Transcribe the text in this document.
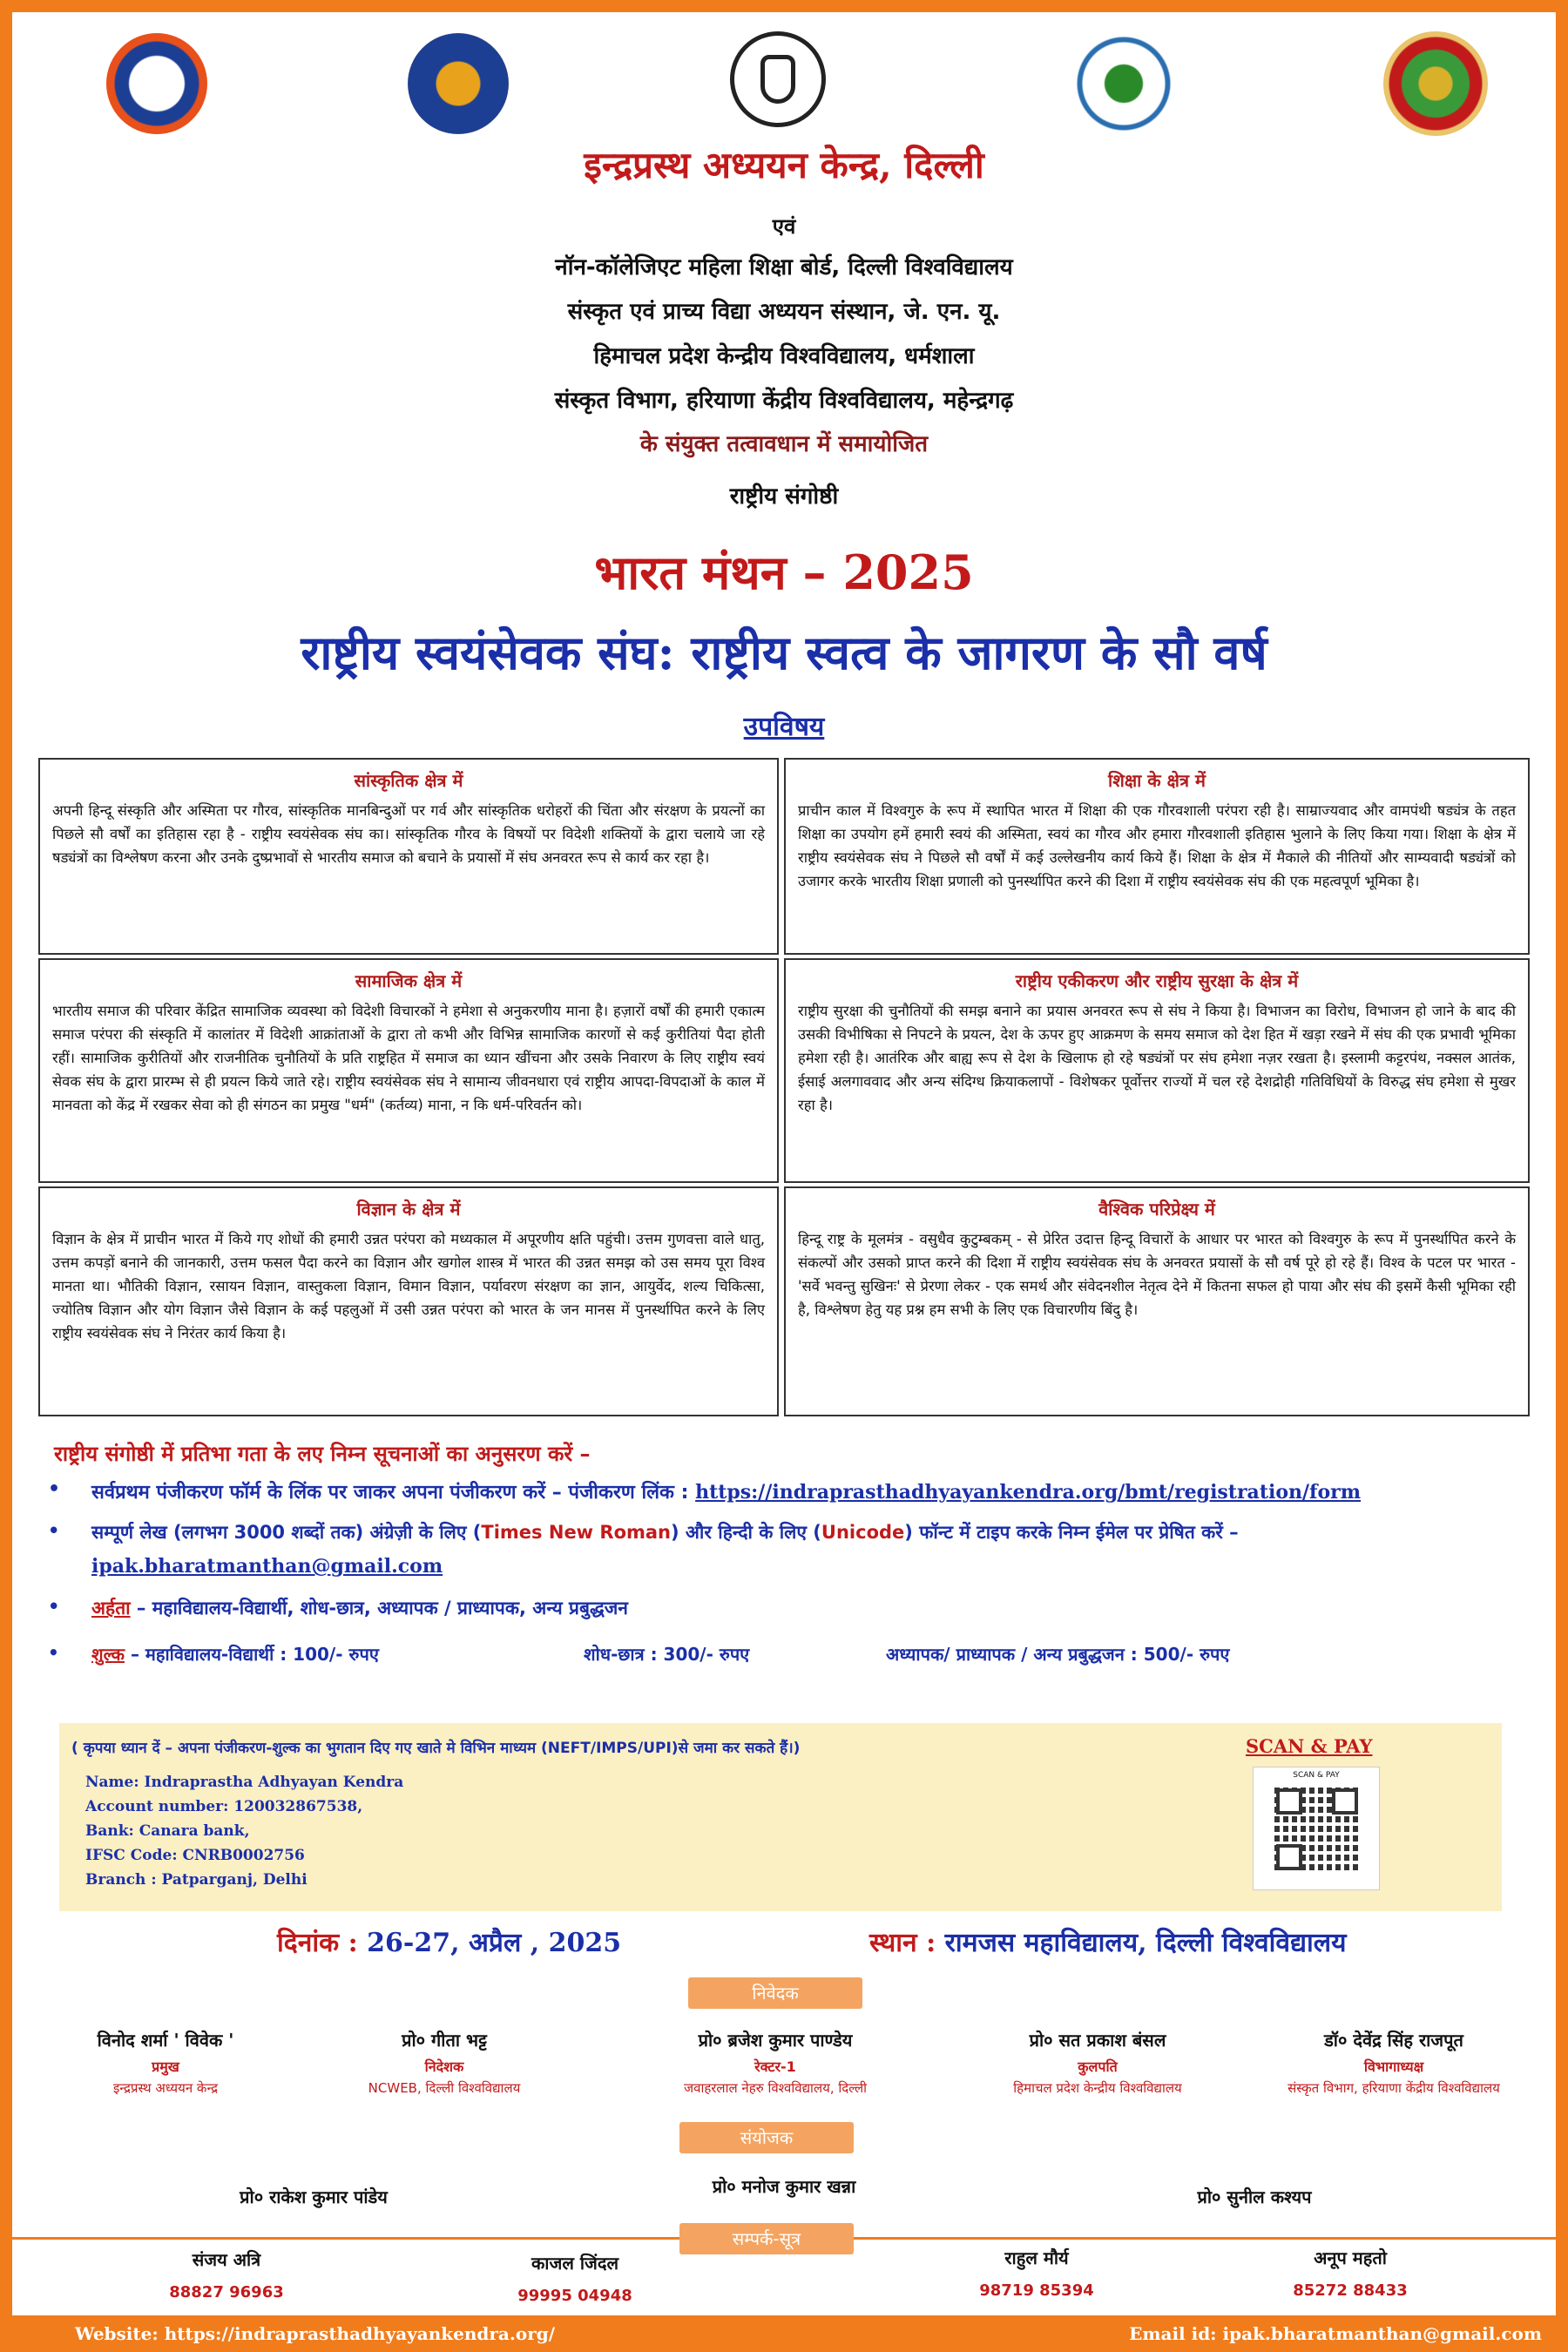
इन्द्रप्रस्थ अध्ययन केन्द्र, दिल्ली
एवं
नॉन-कॉलेजिएट महिला शिक्षा बोर्ड, दिल्ली विश्वविद्यालय
संस्कृत एवं प्राच्य विद्या अध्ययन संस्थान, जे. एन. यू.
हिमाचल प्रदेश केन्द्रीय विश्वविद्यालय, धर्मशाला
संस्कृत विभाग, हरियाणा केंद्रीय विश्वविद्यालय, महेन्द्रगढ़
के संयुक्त तत्वावधान में समायोजित
राष्ट्रीय संगोष्ठी
भारत मंथन – 2025
राष्ट्रीय स्वयंसेवक संघ: राष्ट्रीय स्वत्व के जागरण के सौ वर्ष
उपविषय
सांस्कृतिक क्षेत्र में

अपनी हिन्दू संस्कृति और अस्मिता पर गौरव, सांस्कृतिक मानबिन्दुओं पर गर्व और सांस्कृतिक धरोहरों की चिंता और संरक्षण के प्रयत्नों का पिछले सौ वर्षों का इतिहास रहा है - राष्ट्रीय स्वयंसेवक संघ का। सांस्कृतिक गौरव के विषयों पर विदेशी शक्तियों के द्वारा चलाये जा रहे षड्यंत्रों का विश्लेषण करना और उनके दुष्प्रभावों से भारतीय समाज को बचाने के प्रयासों में संघ अनवरत रूप से कार्य कर रहा है।

शिक्षा के क्षेत्र में

प्राचीन काल में विश्वगुरु के रूप में स्थापित भारत में शिक्षा की एक गौरवशाली परंपरा रही है। साम्राज्यवाद और वामपंथी षड्यंत्र के तहत शिक्षा का उपयोग हमें हमारी स्वयं की अस्मिता, स्वयं का गौरव और हमारा गौरवशाली इतिहास भुलाने के लिए किया गया। शिक्षा के क्षेत्र में राष्ट्रीय स्वयंसेवक संघ ने पिछले सौ वर्षों में कई उल्लेखनीय कार्य किये हैं। शिक्षा के क्षेत्र में मैकाले की नीतियों और साम्यवादी षड्यंत्रों को उजागर करके भारतीय शिक्षा प्रणाली को पुनर्स्थापित करने की दिशा में राष्ट्रीय स्वयंसेवक संघ की एक महत्वपूर्ण भूमिका है।

सामाजिक क्षेत्र में

भारतीय समाज की परिवार केंद्रित सामाजिक व्यवस्था को विदेशी विचारकों ने हमेशा से अनुकरणीय माना है। हज़ारों वर्षों की हमारी एकात्म समाज परंपरा की संस्कृति में कालांतर में विदेशी आक्रांताओं के द्वारा तो कभी और विभिन्न सामाजिक कारणों से कई कुरीतियां पैदा होती रहीं। सामाजिक कुरीतियों और राजनीतिक चुनौतियों के प्रति राष्ट्रहित में समाज का ध्यान खींचना और उसके निवारण के लिए राष्ट्रीय स्वयं सेवक संघ के द्वारा प्रारम्भ से ही प्रयत्न किये जाते रहे। राष्ट्रीय स्वयंसेवक संघ ने सामान्य जीवनधारा एवं राष्ट्रीय आपदा-विपदाओं के काल में मानवता को केंद्र में रखकर सेवा को ही संगठन का प्रमुख "धर्म" (कर्तव्य) माना, न कि धर्म-परिवर्तन को।

राष्ट्रीय एकीकरण और राष्ट्रीय सुरक्षा के क्षेत्र में

राष्ट्रीय सुरक्षा की चुनौतियों की समझ बनाने का प्रयास अनवरत रूप से संघ ने किया है। विभाजन का विरोध, विभाजन हो जाने के बाद की उसकी विभीषिका से निपटने के प्रयत्न, देश के ऊपर हुए आक्रमण के समय समाज को देश हित में खड़ा रखने में संघ की एक प्रभावी भूमिका हमेशा रही है। आतंरिक और बाह्य रूप से देश के खिलाफ हो रहे षड्यंत्रों पर संघ हमेशा नज़र रखता है। इस्लामी कट्टरपंथ, नक्सल आतंक, ईसाई अलगाववाद और अन्य संदिग्ध क्रियाकलापों - विशेषकर पूर्वोत्तर राज्यों में चल रहे देशद्रोही गतिविधियों के विरुद्ध संघ हमेशा से मुखर रहा है।

विज्ञान के क्षेत्र में

विज्ञान के क्षेत्र में प्राचीन भारत में किये गए शोधों की हमारी उन्नत परंपरा को मध्यकाल में अपूरणीय क्षति पहुंची। उत्तम गुणवत्ता वाले धातु, उत्तम कपड़ों बनाने की जानकारी, उत्तम फसल पैदा करने का विज्ञान और खगोल शास्त्र में भारत की उन्नत समझ को उस समय पूरा विश्व मानता था। भौतिकी विज्ञान, रसायन विज्ञान, वास्तुकला विज्ञान, विमान विज्ञान, पर्यावरण संरक्षण का ज्ञान, आयुर्वेद, शल्य चिकित्सा, ज्योतिष विज्ञान और योग विज्ञान जैसे विज्ञान के कई पहलुओं में उसी उन्नत परंपरा को भारत के जन मानस में पुनर्स्थापित करने के लिए राष्ट्रीय स्वयंसेवक संघ ने निरंतर कार्य किया है।

वैश्विक परिप्रेक्ष्य में

हिन्दू राष्ट्र के मूलमंत्र - वसुधैव कुटुम्बकम् - से प्रेरित उदात्त हिन्दू विचारों के आधार पर भारत को विश्वगुरु के रूप में पुनर्स्थापित करने के संकल्पों और उसको प्राप्त करने की दिशा में राष्ट्रीय स्वयंसेवक संघ के अनवरत प्रयासों के सौ वर्ष पूरे हो रहे हैं। विश्व के पटल पर भारत - 'सर्वे भवन्तु सुखिनः' से प्रेरणा लेकर - एक समर्थ और संवेदनशील नेतृत्व देने में कितना सफल हो पाया और संघ की इसमें कैसी भूमिका रही है, विश्लेषण हेतु यह प्रश्न हम सभी के लिए एक विचारणीय बिंदु है।

राष्ट्रीय संगोष्ठी में प्रतिभा गता के लए निम्न सूचनाओं का अनुसरण करें –
• सर्वप्रथम पंजीकरण फॉर्म के लिंक पर जाकर अपना पंजीकरण करें – पंजीकरण लिंक : https://indraprasthadhyayankendra.org/bmt/registration/form
• सम्पूर्ण लेख (लगभग 3000 शब्दों तक) अंग्रेज़ी के लिए (Times New Roman) और हिन्दी के लिए (Unicode) फॉन्ट में टाइप करके निम्न ईमेल पर प्रेषित करें –
ipak.bharatmanthan@gmail.com
• अर्हता – महाविद्यालय-विद्यार्थी, शोध-छात्र, अध्यापक / प्राध्यापक, अन्य प्रबुद्धजन
• शुल्क – महाविद्यालय-विद्यार्थी : 100/- रुपए	शोध-छात्र : 300/- रुपए	अध्यापक/ प्राध्यापक / अन्य प्रबुद्धजन : 500/- रुपए
( कृपया ध्यान दें – अपना पंजीकरण-शुल्क का भुगतान दिए गए खाते मे विभिन माध्यम (NEFT/IMPS/UPI)से जमा कर सकते हैं।)
Name: Indraprastha Adhyayan Kendra
Account number: 120032867538,
Bank: Canara bank,
IFSC Code: CNRB0002756
Branch : Patparganj, Delhi
SCAN & PAY
SCAN & PAY
दिनांक : 26-27, अप्रैल , 2025	स्थान : रामजस महाविद्यालय, दिल्ली विश्वविद्यालय
निवेदक
विनोद शर्मा ' विवेक '
प्रमुख
इन्द्रप्रस्थ अध्ययन केन्द्र
प्रो० गीता भट्ट
निदेशक
NCWEB, दिल्ली विश्वविद्यालय
प्रो० ब्रजेश कुमार पाण्डेय
रेक्टर-1
जवाहरलाल नेहरु विश्वविद्यालय, दिल्ली
प्रो० सत प्रकाश बंसल
कुलपति
हिमाचल प्रदेश केन्द्रीय विश्वविद्यालय
डॉ० देवेंद्र सिंह राजपूत
विभागाध्यक्ष
संस्कृत विभाग, हरियाणा केंद्रीय विश्वविद्यालय
संयोजक
प्रो० राकेश कुमार पांडेय	प्रो० मनोज कुमार खन्ना	प्रो० सुनील कश्यप
सम्पर्क-सूत्र
संजय अत्रि
88827 96963
काजल जिंदल
99995 04948
राहुल मौर्य
98719 85394
अनूप महतो
85272 88433
Website: https://indraprasthadhyayankendra.org/	Email id: ipak.bharatmanthan@gmail.com
